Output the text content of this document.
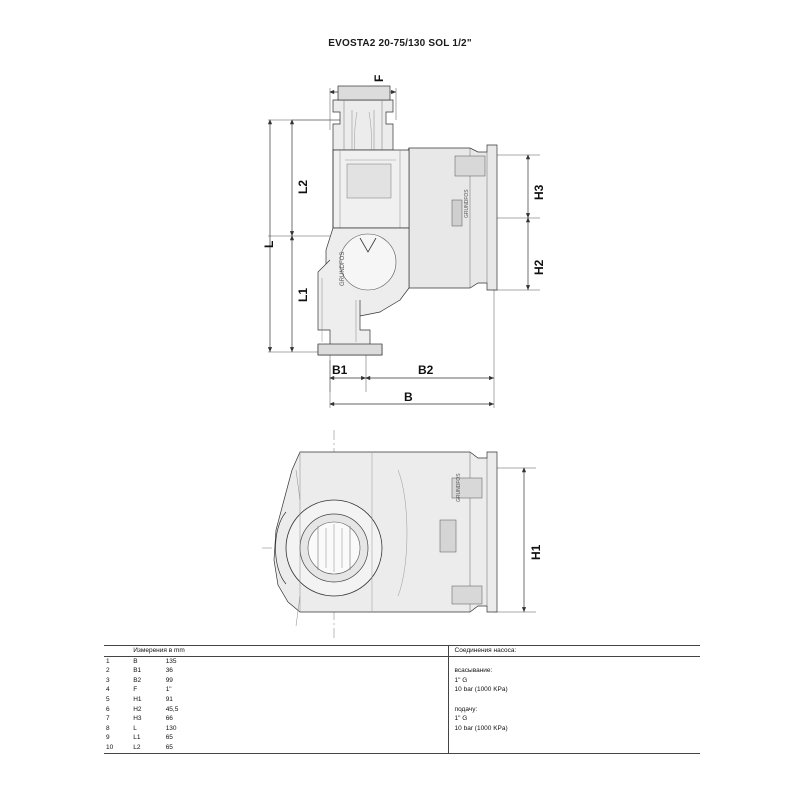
EVOSTA2 20-75/130 SOL 1/2"
GRUNDFOS
GRUNDFOS
GRUNDFOS
F
L2
L
L1
H3
H2
B1	B2
B
H1
	Измерения в mm						Соединения насоса:
1	B	135					
2	B1	36					всасывание:
3	B2	99					1" G
4	F	1"					10 bar (1000 KPa)
5	H1	91					
6	H2	45,5					подачу:
7	H3	66					1" G
8	L	130					10 bar (1000 KPa)
9	L1	65					
10	L2	65					
